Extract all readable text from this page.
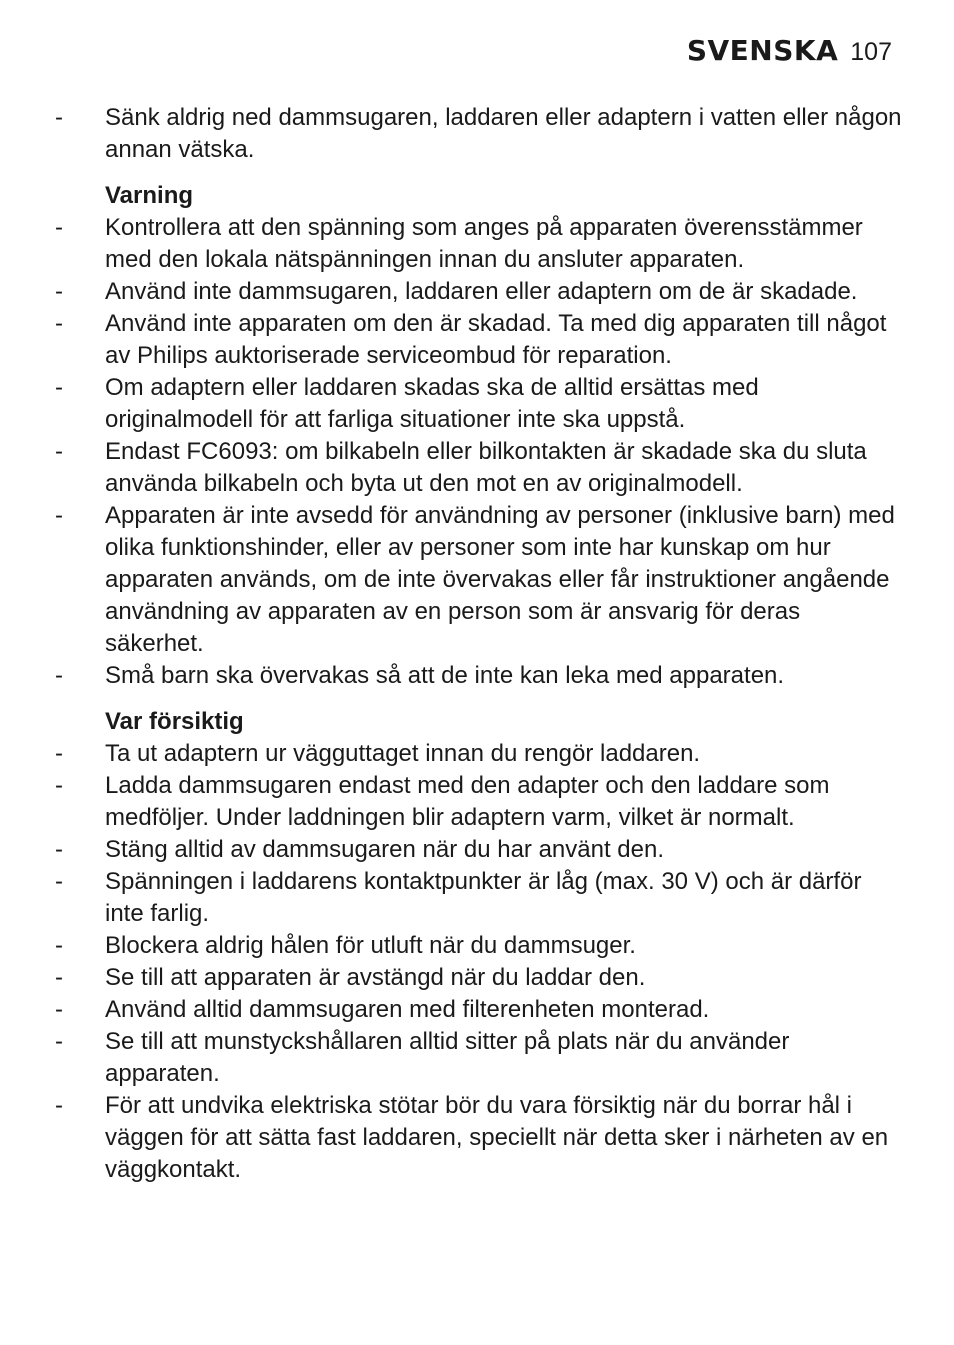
SVENSKA 107
-	Sänk aldrig ned dammsugaren, laddaren eller adaptern i vatten eller någon annan vätska.
Varning
-	Kontrollera att den spänning som anges på apparaten överensstämmer med den lokala nätspänningen innan du ansluter apparaten.
-	Använd inte dammsugaren, laddaren eller adaptern om de är skadade.
-	Använd inte apparaten om den är skadad. Ta med dig apparaten till något av Philips auktoriserade serviceombud för reparation.
-	Om adaptern eller laddaren skadas ska de alltid ersättas med originalmodell för att farliga situationer inte ska uppstå.
-	Endast FC6093: om bilkabeln eller bilkontakten är skadade ska du sluta använda bilkabeln och byta ut den mot en av originalmodell.
-	Apparaten är inte avsedd för användning av personer (inklusive barn) med olika funktionshinder, eller av personer som inte har kunskap om hur apparaten används, om de inte övervakas eller får instruktioner angående användning av apparaten av en person som är ansvarig för deras säkerhet.
-	Små barn ska övervakas så att de inte kan leka med apparaten.
Var försiktig
-	Ta ut adaptern ur vägguttaget innan du rengör laddaren.
-	Ladda dammsugaren endast med den adapter och den laddare som medföljer. Under laddningen blir adaptern varm, vilket är normalt.
-	Stäng alltid av dammsugaren när du har använt den.
-	Spänningen i laddarens kontaktpunkter är låg (max. 30 V) och är därför inte farlig.
-	Blockera aldrig hålen för utluft när du dammsuger.
-	Se till att apparaten är avstängd när du laddar den.
-	Använd alltid dammsugaren med filterenheten monterad.
-	Se till att munstyckshållaren alltid sitter på plats när du använder apparaten.
-	För att undvika elektriska stötar bör du vara försiktig när du borrar hål i väggen för att sätta fast laddaren, speciellt när detta sker i närheten av en väggkontakt.
